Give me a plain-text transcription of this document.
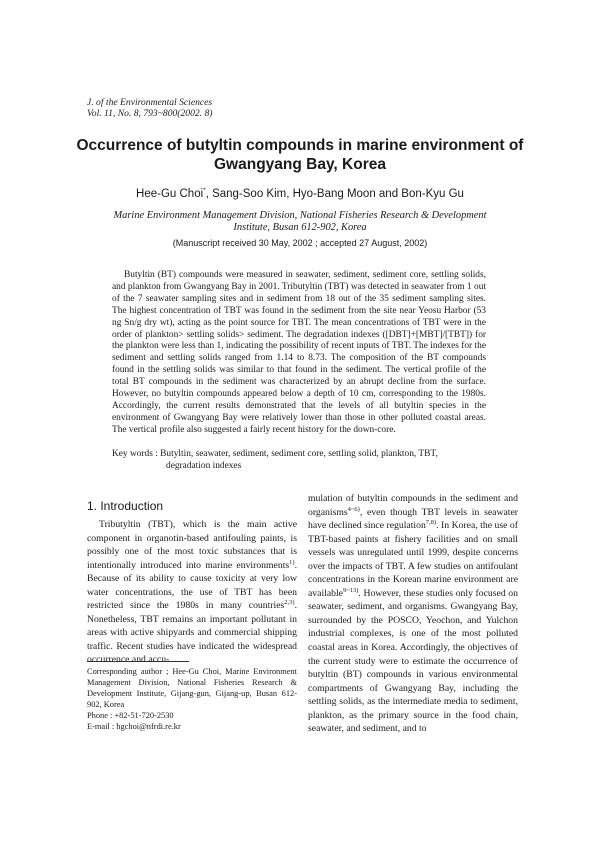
J. of the Environmental Sciences
Vol. 11, No. 8, 793~800(2002. 8)
Occurrence of butyltin compounds in marine environment of
Gwangyang Bay, Korea
Hee-Gu Choi*, Sang-Soo Kim, Hyo-Bang Moon and Bon-Kyu Gu
Marine Environment Management Division, National Fisheries Research & Development
Institute, Busan 612-902, Korea
(Manuscript received 30 May, 2002 ; accepted 27 August, 2002)
Butyltin (BT) compounds were measured in seawater, sediment, sediment core, settling solids, and plankton from Gwangyang Bay in 2001. Tributyltin (TBT) was detected in seawater from 1 out of the 7 seawater sampling sites and in sediment from 18 out of the 35 sediment sampling sites. The highest concentration of TBT was found in the sediment from the site near Yeosu Harbor (53 ng Sn/g dry wt), acting as the point source for TBT. The mean concentrations of TBT were in the order of plankton> settling solids> sediment. The degradation indexes ([DBT]+[MBT]/[TBT]) for the plankton were less than 1, indicating the possibility of recent inputs of TBT. The indexes for the sediment and settling solids ranged from 1.14 to 8.73. The composition of the BT compounds found in the settling solids was similar to that found in the sediment. The vertical profile of the total BT compounds in the sediment was characterized by an abrupt decline from the surface. However, no butyltin compounds appeared below a depth of 10 cm, corresponding to the 1980s. Accordingly, the current results demonstrated that the levels of all butyltin species in the environment of Gwangyang Bay were relatively lower than those in other polluted coastal areas. The vertical profile also suggested a fairly recent history for the down-core.
Key words : Butyltin, seawater, sediment, sediment core, settling solid, plankton, TBT,
degradation indexes
1. Introduction

Tributyltin (TBT), which is the main active component in organotin-based antifouling paints, is possibly one of the most toxic substances that is intentionally introduced into marine environments$^{1)}$. Because of its ability to cause toxicity at very low water concentrations, the use of TBT has been restricted since the 1980s in many countries$^{2,3)}$. Nonetheless, TBT remains an important pollutant in areas with active shipyards and commercial shipping traffic. Recent studies have indicated the widespread occurrence and accu-

mulation of butyltin compounds in the sediment and organisms$^{4\sim 6)}$, even though TBT levels in seawater have declined since regulation$^{7,8)}$. In Korea, the use of TBT-based paints at fishery facilities and on small vessels was unregulated until 1999, despite concerns over the impacts of TBT. A few studies on antifoulant concentrations in the Korean marine environment are available$^{9\sim 13)}$. However, these studies only focused on seawater, sediment, and organisms. Gwangyang Bay, surrounded by the POSCO, Yeochon, and Yulchon industrial complexes, is one of the most polluted coastal areas in Korea. Accordingly, the objectives of the current study were to estimate the occurrence of butyltin (BT) compounds in various environmental compartments of Gwangyang Bay, including the settling solids, as the intermediate media to sediment, plankton, as the primary source in the food chain, seawater, and sediment, and to

Corresponding author ; Hee-Gu Choi, Marine Environment Management Division, National Fisheries Research & Development Institute, Gijang-gun, Gijang-up, Busan 612-902, Korea
Phone : +82-51-720-2530
E-mail : hgchoi@nfrdi.re.kr
